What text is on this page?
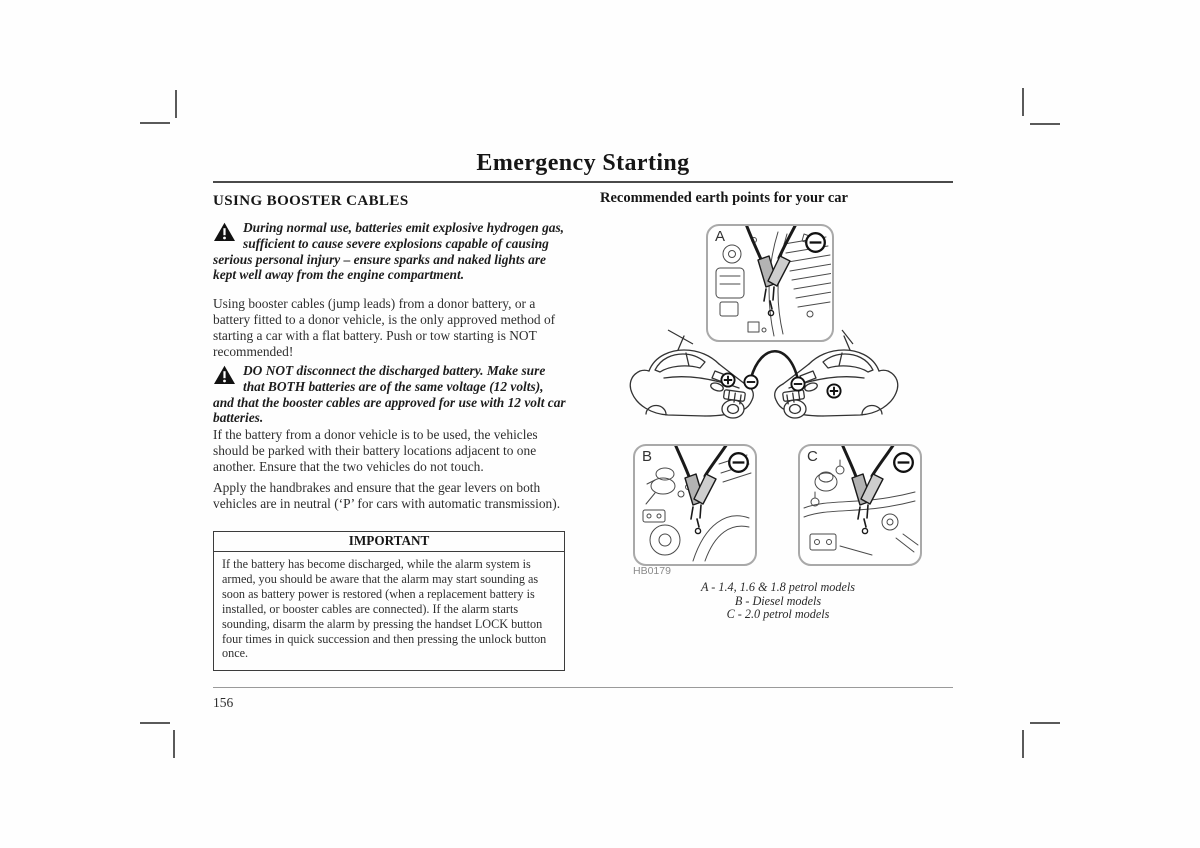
Emergency Starting

USING BOOSTER CABLES

During normal use, batteries emit explosive hydrogen gas, sufficient to cause severe explosions capable of causing serious personal injury – ensure sparks and naked lights are kept well away from the engine compartment.

Using booster cables (jump leads) from a donor battery, or a battery fitted to a donor vehicle, is the only approved method of starting a car with a flat battery. Push or tow starting is NOT recommended!

DO NOT disconnect the discharged battery. Make sure that BOTH batteries are of the same voltage (12 volts), and that the booster cables are approved for use with 12 volt car batteries.

If the battery from a donor vehicle is to be used, the vehicles should be parked with their battery locations adjacent to one another. Ensure that the two vehicles do not touch.

Apply the handbrakes and ensure that the gear levers on both vehicles are in neutral (‘P’ for cars with automatic transmission).

IMPORTANT
If the battery has become discharged, while the alarm system is armed, you should be aware that the alarm may start sounding as soon as battery power is restored (when a replacement battery is installed, or booster cables are connected). If the alarm starts sounding, disarm the alarm by pressing the handset LOCK button four times in quick succession and then pressing the unlock button once.
Recommended earth points for your car
A
B	C
HB0179
A - 1.4, 1.6 & 1.8 petrol models
B - Diesel models
C - 2.0 petrol models
156
